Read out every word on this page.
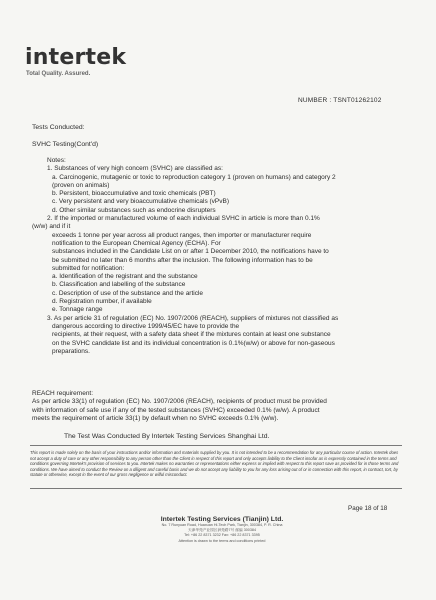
intertek
Total Quality. Assured.
NUMBER : TSNT01262102
Tests Conducted:
SVHC Testing(Cont'd)

Notes:

1. Substances of very high concern (SVHC) are classified as:

a. Carcinogenic, mutagenic or toxic to reproduction category 1 (proven on humans) and category 2

(proven on animals)

b. Persistent, bioaccumulative and toxic chemicals (PBT)

c. Very persistent and very bioaccumulative chemicals (vPvB)

d. Other similar substances such as endocrine disrupters

2. If the imported or manufactured volume of each individual SVHC in article is more than 0.1%

(w/w) and if it

exceeds 1 tonne per year across all product ranges, then importer or manufacturer require

notification to the European Chemical Agency (ECHA). For

substances included in the Candidate List on or after 1 December 2010, the notifications have to

be submitted no later than 6 months after the inclusion. The following information has to be

submitted for notification:

a. Identification of the registrant and the substance

b. Classification and labelling of the substance

c. Description of use of the substance and the article

d. Registration number, if available

e. Tonnage range

3. As per article 31 of regulation (EC) No. 1907/2006 (REACH), suppliers of mixtures not classified as

dangerous according to directive 1999/45/EC have to provide the

recipients, at their request, with a safety data sheet if the mixtures contain at least one substance

on the SVHC candidate list and its individual concentration is 0.1%(w/w) or above for non-gaseous

preparations.

REACH requirement:

As per article 33(1) of regulation (EC) No. 1907/2006 (REACH), recipients of product must be provided

with information of safe use if any of the tested substances (SVHC) exceeded 0.1% (w/w). A product

meets the requirement of article 33(1) by default when no SVHC exceeds 0.1% (w/w).

The Test Was Conducted By Intertek Testing Services Shanghai Ltd.

This report is made solely on the basis of your instructions and/or information and materials supplied by you. It is not intended to be a recommendation for any particular course of action. Intertek does not accept a duty of care or any other responsibility to any person other than the Client in respect of this report and only accepts liability to the Client insofar as is expressly contained in the terms and conditions governing Intertek's provision of services to you. Intertek makes no warranties or representations either express or implied with respect to this report save as provided for in those terms and conditions. We have aimed to conduct the Review on a diligent and careful basis and we do not accept any liability to you for any loss arising out of or in connection with this report, in contract, tort, by statute or otherwise, except in the event of our gross negligence or wilful misconduct.

Page 18 of 18
Intertek Testing Services (Tianjin) Ltd.
No. 7 Runyuan Road, Huaxuan Hi-Tech Park, Tianjin, 300384, P. R. China
天津华苑产业园区润苑路7号 邮编 300384
Tel: +86 22 8371 3232 Fax: +86 22 8371 3395
Attention is drawn to the terms and conditions printed
